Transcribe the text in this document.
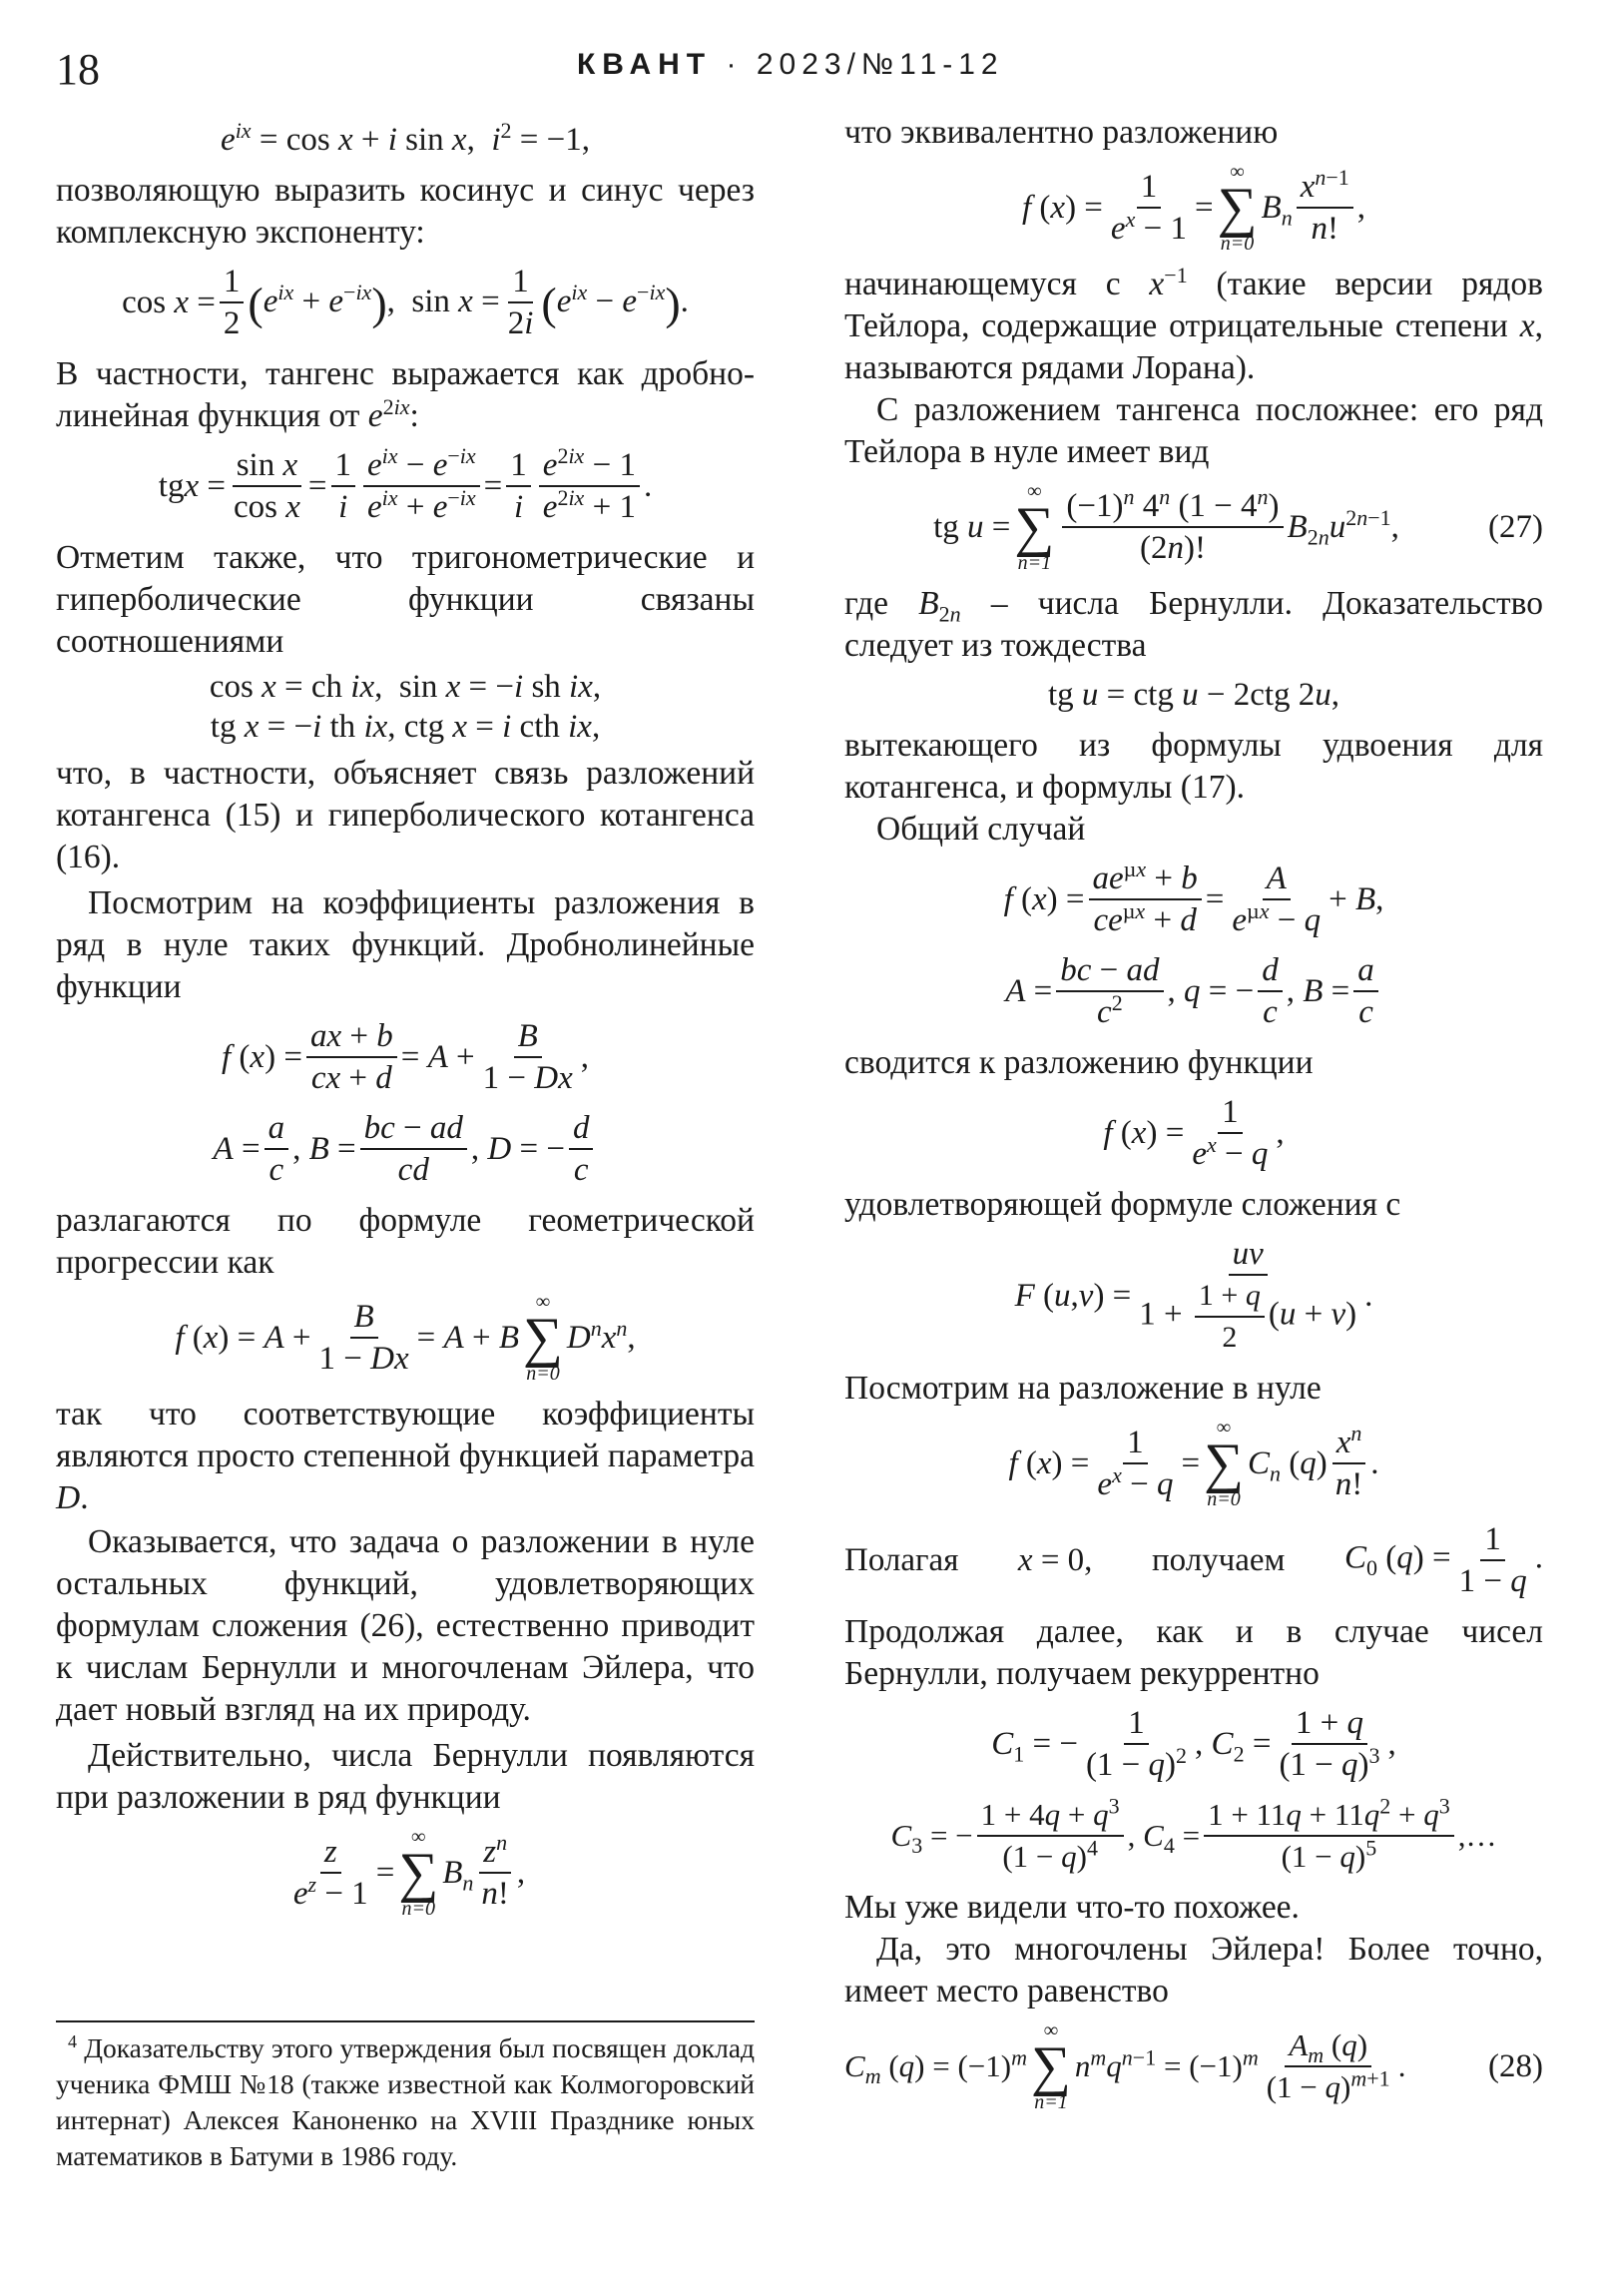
18	КВАНТ · 2023/№11-12
$e^{ix} = \cos x + i$ sin x,  $i^2 = -1$,

позволяющую выразить косинус и синус через комплексную экспоненту:

$\cos x = \frac{1}{2} (e^{ix} + e^{-ix})$,  $\sin x = \frac{1}{2i} (e^{ix} - e^{-ix})$.

В частности, тангенс выражается как дробно-линейная функция от $e^{2ix}$:

tgx = $\frac{\text{sin x}}{\text{cos x}} = \frac{1}{i} e^{ix} - e^{-ix}$
$e^{ix} + e^{-ix} = \frac{1}{i} e^{2ix} - 1$
$e^{2ix} + 1$
.

Отметим также, что тригонометрические и гиперболические функции связаны соотношениями

cos x = ch ix,  sin x = −i sh ix,
tg x = −i th ix, ctg x = i cth ix,

что, в частности, объясняет связь разложений котангенса (15) и гиперболического котангенса (16).

Посмотрим на коэффициенты разложения в ряд в нуле таких функций. Дробнолинейные функции

f $(x) = \frac{ax + b}{cx + d} = A + \frac{B}{1 - Dx}$ ,
$A = \frac{a}{c}$ , $B = \frac{bc - ad}{cd}$ , D = − $\frac{d}{c}$

разлагаются по формуле геометрической прогрессии как

f $(x) = A + \frac{B}{1 - Dx} = A + B$
∞
∑
n=0
$D^nx^n$,

так что соответствующие коэффициенты являются просто степенной функцией параметра D.

Оказывается, что задача о разложении в нуле остальных функций, удовлетворяющих формулам сложения (26), естественно приводит к числам Бернулли и многочленам Эйлера, что дает новый взгляд на их природу.

Действительно, числа Бернулли появляются при разложении в ряд функции

$\frac{z}{e^z - 1}$ =
∞
∑
n=0
$B_n$
$z^n$
n!
,
$^4$ Доказательству этого утверждения был посвящен доклад ученика ФМШ №18 (также известной как Колмогоровский интернат) Алексея Каноненко на XVIII Празднике юных математиков в Батуми в 1986 году.

что эквивалентно разложению

f $(x) = \frac{1}{e^x - 1}$ =
∞
∑
n=0
$B_n$
$x^{n-1}$
n!
,

начинающемуся с $x^{-1}$ (такие версии рядов Тейлора, содержащие отрицательные степени x, называются рядами Лорана).

С разложением тангенса посложнее: его ряд Тейлора в нуле имеет вид

tg u =
∞
∑
n=1
$(-1)^n$ 4$^n$ $(1 - 4^n)$
(2n)!
$B_{2n}u^{2n-1}$,	(27)

где $B_{2n}$ – числа Бернулли. Доказательство следует из тождества

tg u = ctg u − 2ctg 2u,

вытекающего из формулы удвоения для котангенса, и формулы (17).

Общий случай

f (x) =
$ae^{\mu x} + b$
$ce^{\mu x} + d$
=
A
$e^{\mu x} - q$
+ B,
$A = \frac{bc - ad}{c^2}$ , q = − $\frac{d}{c}$ , $B = \frac{a}{c}$

сводится к разложению функции

f $(x) = \frac{1}{e^x - q}$ ,

удовлетворяющей формуле сложения с

F $(u,v) = \frac{uv}{1 + \frac{1 + q}{2} (u + v)}$ .

Посмотрим на разложение в нуле

f $(x) = \frac{1}{e^x - q}$ =
∞
∑
n=0
$C_n$ (q)
$x^n$
n!
.
Полагая x = 0, получаем $C_0$ $(q) = \frac{1}{1 - q}$ .

Продолжая далее, как и в случае чисел Бернулли, получаем рекуррентно

$C_1$ = − $\frac{1}{(1 - q)^2}$ , $C_2 = \frac{1 + q}{(1 - q)^3}$ ,
$C_3$ = − $\frac{1 + 4q + q^3}{(1 - q)^4}$ , $C_4 = \frac{1 + 11q + 11q^2 + q^3}{(1 - q)^5}$ ,…

Мы уже видели что-то похожее.

Да, это многочлены Эйлера! Более точно, имеет место равенство

$C_m$ $(q) = (-1)^m$
∞
∑
n=1
$n^mq^{n-1} = (-1)^m$ $A_m$ (q)
$(1 - q)^{m+1}$ .	(28)
